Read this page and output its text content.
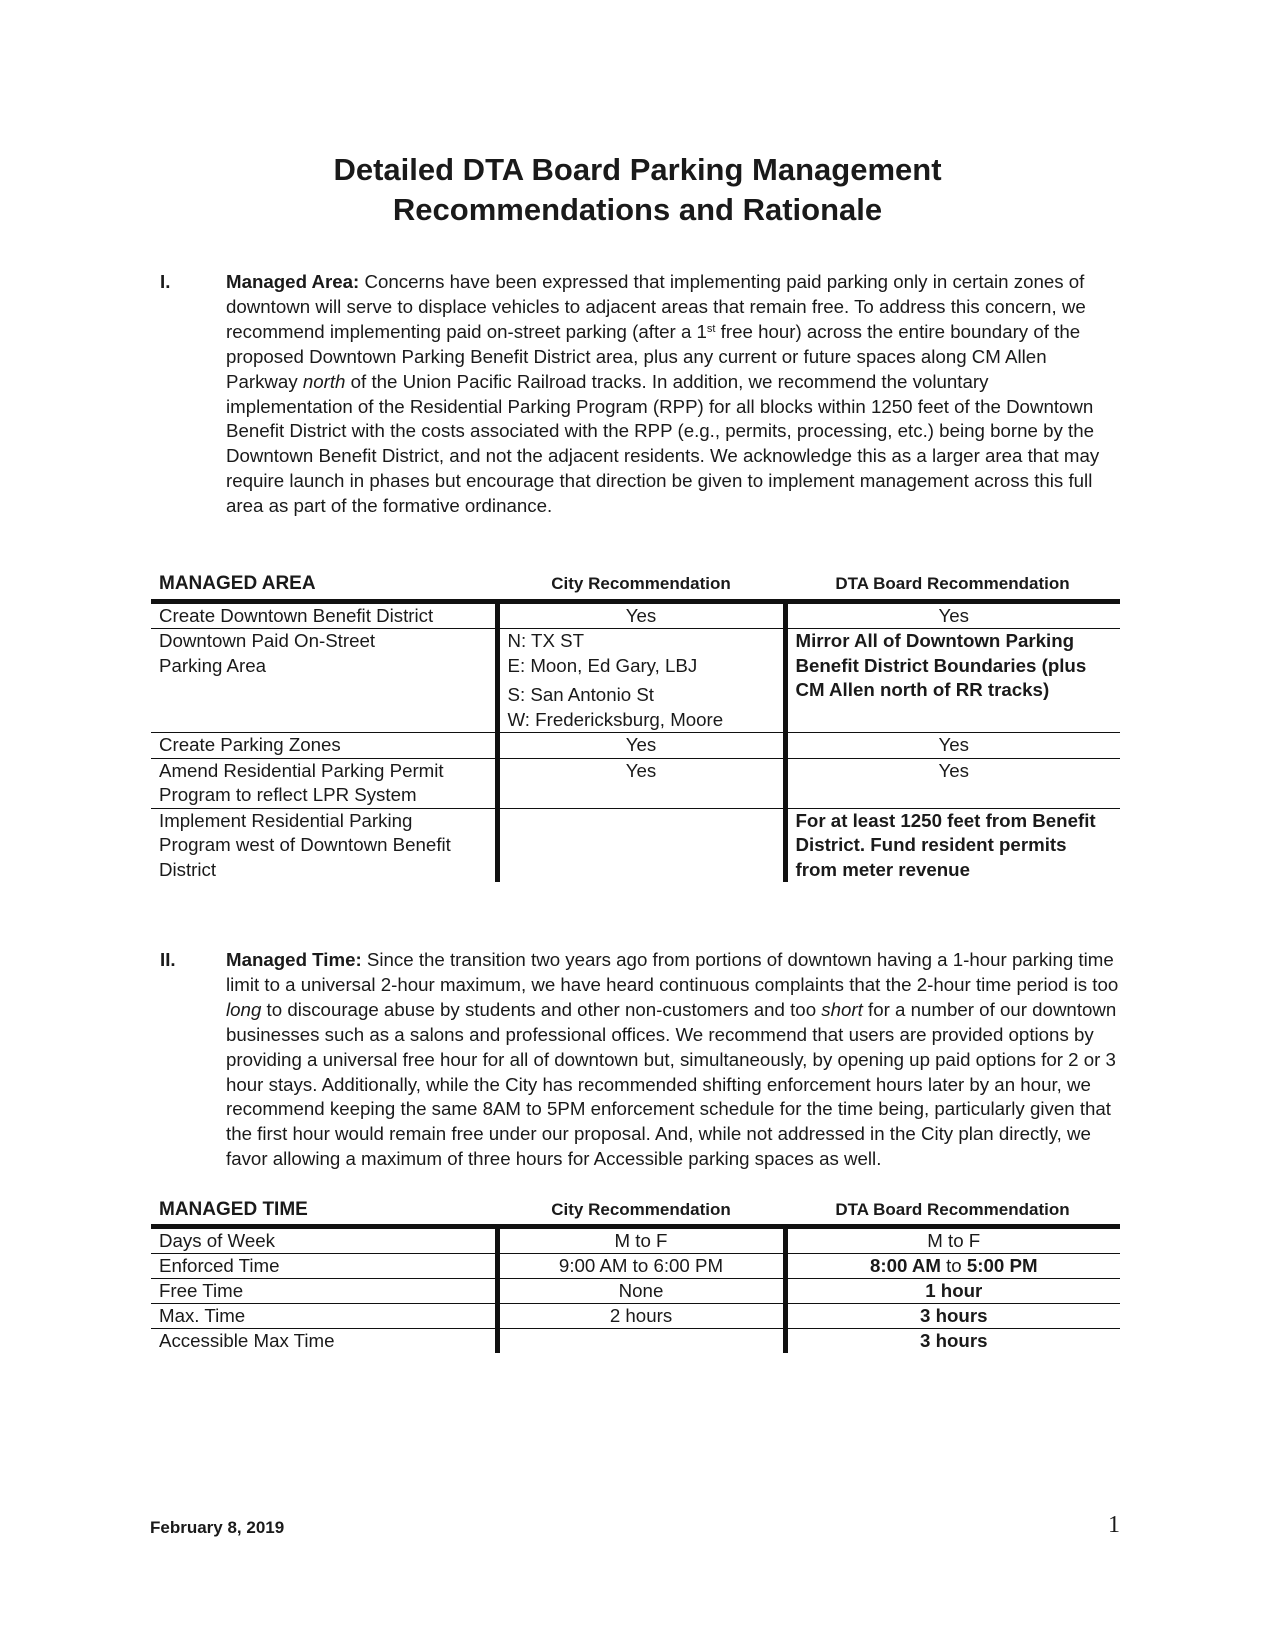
Detailed DTA Board Parking Management
Recommendations and Rationale
I.	Managed Area: Concerns have been expressed that implementing paid parking only in certain zones of downtown will serve to displace vehicles to adjacent areas that remain free. To address this concern, we recommend implementing paid on-street parking (after a 1st free hour) across the entire boundary of the proposed Downtown Parking Benefit District area, plus any current or future spaces along CM Allen Parkway north of the Union Pacific Railroad tracks. In addition, we recommend the voluntary implementation of the Residential Parking Program (RPP) for all blocks within 1250 feet of the Downtown Benefit District with the costs associated with the RPP (e.g., permits, processing, etc.) being borne by the Downtown Benefit District, and not the adjacent residents. We acknowledge this as a larger area that may require launch in phases but encourage that direction be given to implement management across this full area as part of the formative ordinance.
MANAGED AREA	City Recommendation	DTA Board Recommendation
Create Downtown Benefit District	Yes	Yes
Downtown Paid On-Street Parking Area	N: TX ST
E: Moon, Ed Gary, LBJ
S: San Antonio St
W: Fredericksburg, Moore	Mirror All of Downtown Parking Benefit District Boundaries (plus CM Allen north of RR tracks)
Create Parking Zones	Yes	Yes
Amend Residential Parking Permit Program to reflect LPR System	Yes	Yes
Implement Residential Parking Program west of Downtown Benefit District		For at least 1250 feet from Benefit District. Fund resident permits from meter revenue
II.	Managed Time: Since the transition two years ago from portions of downtown having a 1-hour parking time limit to a universal 2-hour maximum, we have heard continuous complaints that the 2-hour time period is too long to discourage abuse by students and other non-customers and too short for a number of our downtown businesses such as a salons and professional offices. We recommend that users are provided options by providing a universal free hour for all of downtown but, simultaneously, by opening up paid options for 2 or 3 hour stays. Additionally, while the City has recommended shifting enforcement hours later by an hour, we recommend keeping the same 8AM to 5PM enforcement schedule for the time being, particularly given that the first hour would remain free under our proposal. And, while not addressed in the City plan directly, we favor allowing a maximum of three hours for Accessible parking spaces as well.
MANAGED TIME	City Recommendation	DTA Board Recommendation
Days of Week	M to F	M to F
Enforced Time	9:00 AM to 6:00 PM	8:00 AM to 5:00 PM
Free Time	None	1 hour
Max. Time	2 hours	3 hours
Accessible Max Time		3 hours
February 8, 2019	1
